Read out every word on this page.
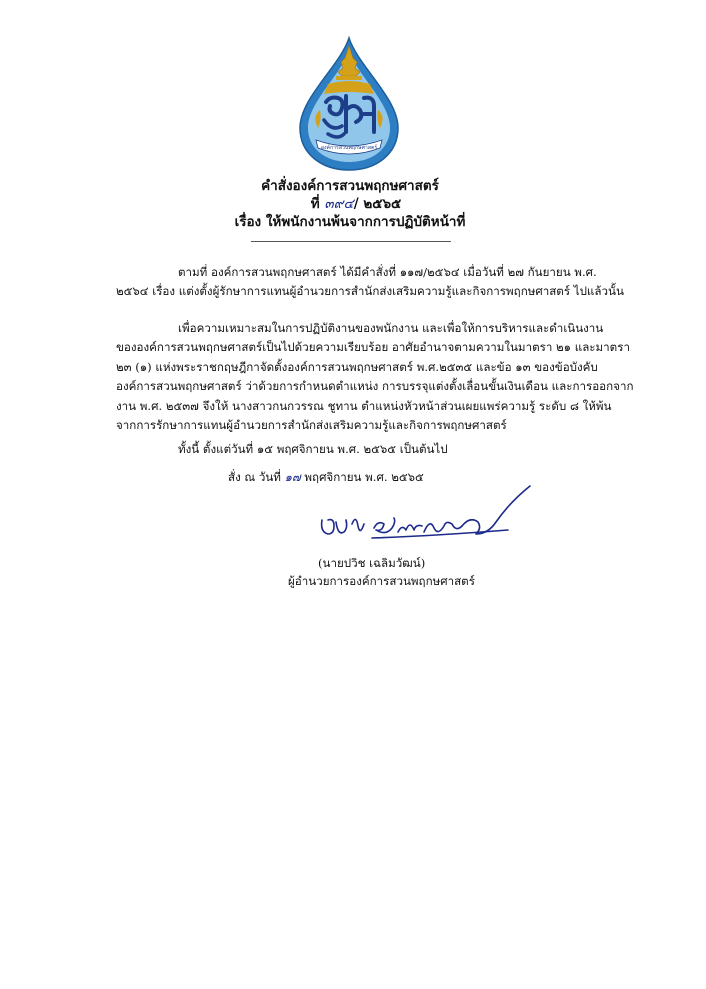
องค์การสวนพฤกษศาสตร์
คำสั่งองค์การสวนพฤกษศาสตร์
ที่ ๓๙๔/ ๒๕๖๕
เรื่อง ให้พนักงานพ้นจากการปฏิบัติหน้าที่
ตามที่ องค์การสวนพฤกษศาสตร์ ได้มีคำสั่งที่ ๑๑๗/๒๕๖๔ เมื่อวันที่ ๒๗ กันยายน พ.ศ.
๒๕๖๔ เรื่อง แต่งตั้งผู้รักษาการแทนผู้อำนวยการสำนักส่งเสริมความรู้และกิจการพฤกษศาสตร์ ไปแล้วนั้น
เพื่อความเหมาะสมในการปฏิบัติงานของพนักงาน และเพื่อให้การบริหารและดำเนินงาน
ขององค์การสวนพฤกษศาสตร์เป็นไปด้วยความเรียบร้อย อาศัยอำนาจตามความในมาตรา ๒๑ และมาตรา
๒๓ (๑) แห่งพระราชกฤษฎีกาจัดตั้งองค์การสวนพฤกษศาสตร์ พ.ศ.๒๕๓๕ และข้อ ๑๓ ของข้อบังคับ
องค์การสวนพฤกษศาสตร์ ว่าด้วยการกำหนดตำแหน่ง การบรรจุแต่งตั้งเลื่อนขั้นเงินเดือน และการออกจาก
งาน พ.ศ. ๒๕๓๗ จึงให้ นางสาวกนกวรรณ ชูทาน ตำแหน่งหัวหน้าส่วนเผยแพร่ความรู้ ระดับ ๘ ให้พ้น
จากการรักษาการแทนผู้อำนวยการสำนักส่งเสริมความรู้และกิจการพฤกษศาสตร์
ทั้งนี้ ตั้งแต่วันที่ ๑๕ พฤศจิกายน พ.ศ. ๒๕๖๕ เป็นต้นไป
สั่ง ณ วันที่ ๑๗ พฤศจิกายน พ.ศ. ๒๕๖๕
(นายปวิช เฉลิมวัฒน์)
ผู้อำนวยการองค์การสวนพฤกษศาสตร์
